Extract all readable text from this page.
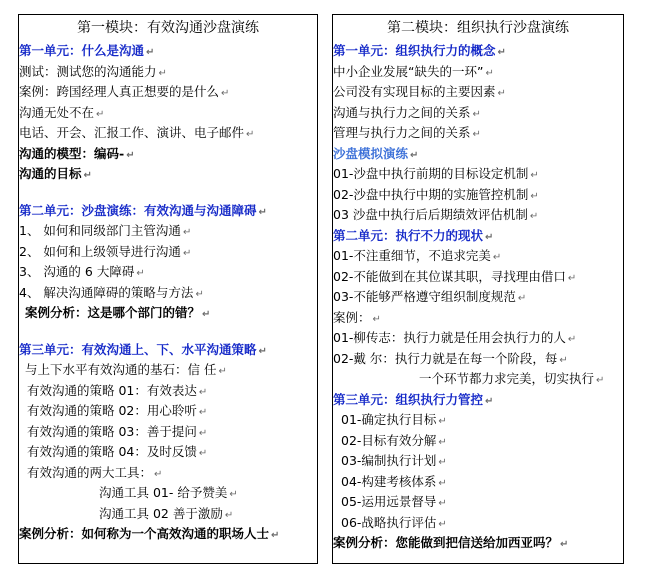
第一模块：有效沟通沙盘演练
第一单元：什么是沟通 ↵
测试：测试您的沟通能力 ↵
案例：跨国经理人真正想要的是什么 ↵
沟通无处不在 ↵
电话、开会、汇报工作、演讲、电子邮件 ↵
沟通的模型：编码- ↵
沟通的目标 ↵
第二单元：沙盘演练：有效沟通与沟通障碍 ↵
1、 如何和同级部门主管沟通 ↵
2、 如何和上级领导进行沟通 ↵
3、 沟通的 6 大障碍 ↵
4、 解决沟通障碍的策略与方法 ↵
案例分析：这是哪个部门的错？ ↵
第三单元：有效沟通上、下、水平沟通策略 ↵
与上下水平有效沟通的基石：信 任 ↵
有效沟通的策略 01：有效表达 ↵
有效沟通的策略 02：用心聆听 ↵
有效沟通的策略 03：善于提问 ↵
有效沟通的策略 04：及时反馈 ↵
有效沟通的两大工具： ↵
沟通工具 01- 给予赞美 ↵
沟通工具 02 善于激励 ↵
案例分析：如何称为一个高效沟通的职场人士 ↵
第二模块：组织执行沙盘演练
第一单元：组织执行力的概念 ↵
中小企业发展“缺失的一环” ↵
公司没有实现目标的主要因素 ↵
沟通与执行力之间的关系 ↵
管理与执行力之间的关系 ↵
沙盘模拟演练 ↵
01-沙盘中执行前期的目标设定机制 ↵
02-沙盘中执行中期的实施管控机制 ↵
03 沙盘中执行后后期绩效评估机制 ↵
第二单元：执行不力的现状 ↵
01-不注重细节，不追求完美 ↵
02-不能做到在其位谋其职，寻找理由借口 ↵
03-不能够严格遵守组织制度规范 ↵
案例： ↵
01-柳传志：执行力就是任用会执行力的人 ↵
02-戴 尔：执行力就是在每一个阶段，每 ↵
一个环节都力求完美，切实执行 ↵
第三单元：组织执行力管控 ↵
01-确定执行目标 ↵
02-目标有效分解 ↵
03-编制执行计划 ↵
04-构建考核体系 ↵
05-运用远景督导 ↵
06-战略执行评估 ↵
案例分析：您能做到把信送给加西亚吗？ ↵
